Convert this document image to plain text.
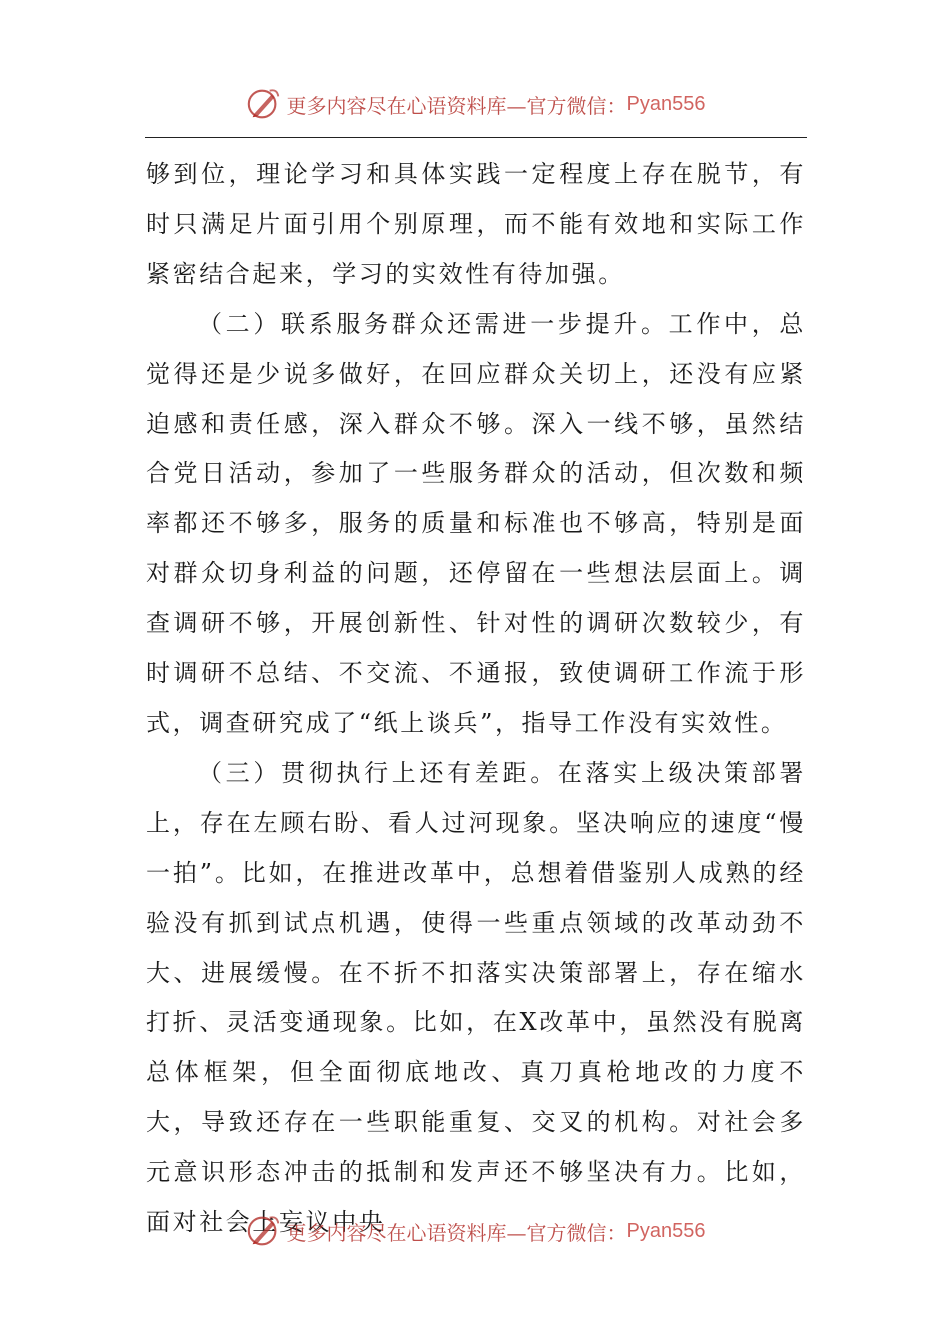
更多内容尽在心语资料库—官方微信： Pyan556

够到位，理论学习和具体实践一定程度上存在脱节，有时只满足片面引用个别原理，而不能有效地和实际工作紧密结合起来，学习的实效性有待加强。

（二）联系服务群众还需进一步提升。工作中，总觉得还是少说多做好，在回应群众关切上，还没有应紧迫感和责任感，深入群众不够。深入一线不够，虽然结合党日活动，参加了一些服务群众的活动，但次数和频率都还不够多，服务的质量和标准也不够高，特别是面对群众切身利益的问题，还停留在一些想法层面上。调查调研不够，开展创新性、针对性的调研次数较少，有时调研不总结、不交流、不通报，致使调研工作流于形式，调查研究成了“纸上谈兵”，指导工作没有实效性。

（三）贯彻执行上还有差距。在落实上级决策部署上，存在左顾右盼、看人过河现象。坚决响应的速度“慢一拍”。比如，在推进改革中，总想着借鉴别人成熟的经验没有抓到试点机遇，使得一些重点领域的改革动劲不大、进展缓慢。在不折不扣落实决策部署上，存在缩水打折、灵活变通现象。比如，在X改革中，虽然没有脱离总体框架，但全面彻底地改、真刀真枪地改的力度不大，导致还存在一些职能重复、交叉的机构。对社会多元意识形态冲击的抵制和发声还不够坚决有力。比如，面对社会上妄议中央

更多内容尽在心语资料库—官方微信： Pyan556
